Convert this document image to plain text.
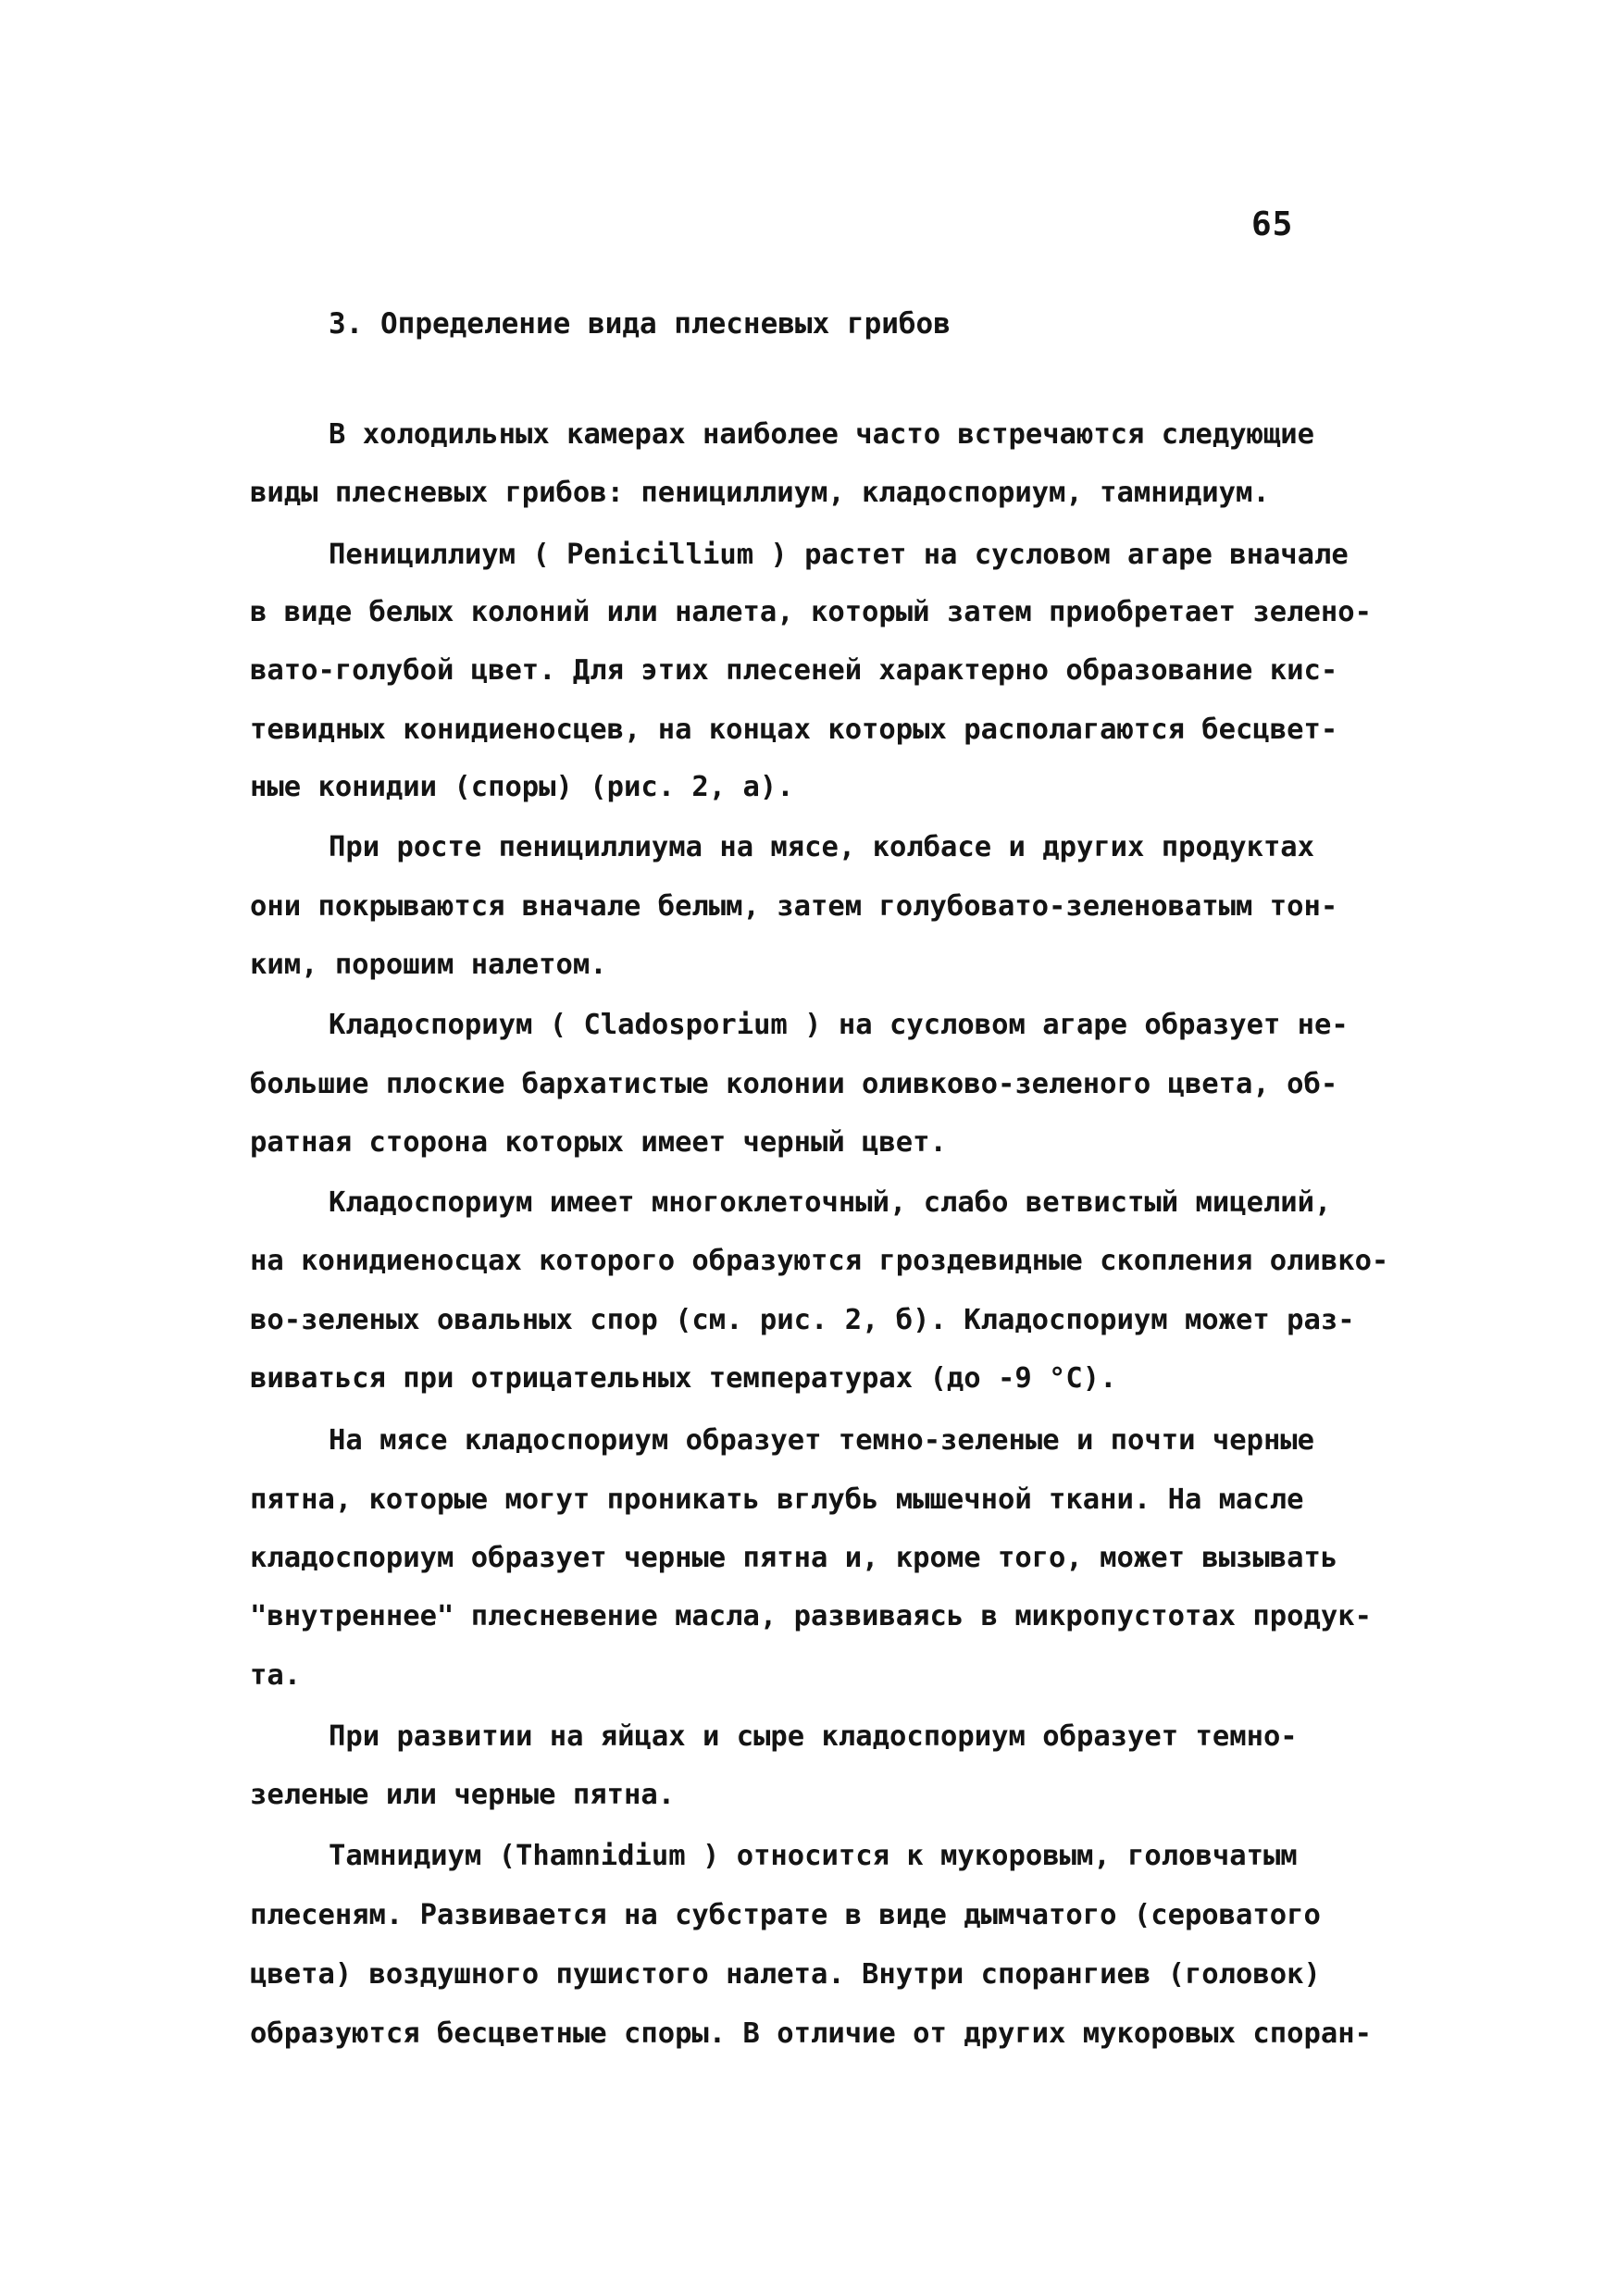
65
3. Определение вида плесневых грибов
В холодильных камерах наиболее часто встречаются следующие
виды плесневых грибов: пенициллиум, кладоспориум, тамнидиум.
Пенициллиум ( Penicillium ) растет на сусловом агаре вначале
в виде белых колоний или налета, который затем приобретает зелено-
вато-голубой цвет. Для этих плесеней характерно образование кис-
тевидных конидиеносцев, на концах которых располагаются бесцвет-
ные конидии (споры) (рис. 2, а).
При росте пенициллиума на мясе, колбасе и других продуктах
они покрываются вначале белым, затем голубовато-зеленоватым тон-
ким, порошим налетом.
Кладоспориум ( Cladosporium ) на сусловом агаре образует не-
большие плоские бархатистые колонии оливково-зеленого цвета, об-
ратная сторона которых имеет черный цвет.
Кладоспориум имеет многоклеточный, слабо ветвистый мицелий,
на конидиеносцах которого образуются гроздевидные скопления оливко-
во-зеленых овальных спор (см. рис. 2, б). Кладоспориум может раз-
виваться при отрицательных температурах (до -9 °С).
На мясе кладоспориум образует темно-зеленые и почти черные
пятна, которые могут проникать вглубь мышечной ткани. На масле
кладоспориум образует черные пятна и, кроме того, может вызывать
"внутреннее" плесневение масла, развиваясь в микропустотах продук-
та.
При развитии на яйцах и сыре кладоспориум образует темно-
зеленые или черные пятна.
Тамнидиум (Thamnidium ) относится к мукоровым, головчатым
плесеням. Развивается на субстрате в виде дымчатого (сероватого
цвета) воздушного пушистого налета. Внутри спорангиев (головок)
образуются бесцветные споры. В отличие от других мукоровых споран-
